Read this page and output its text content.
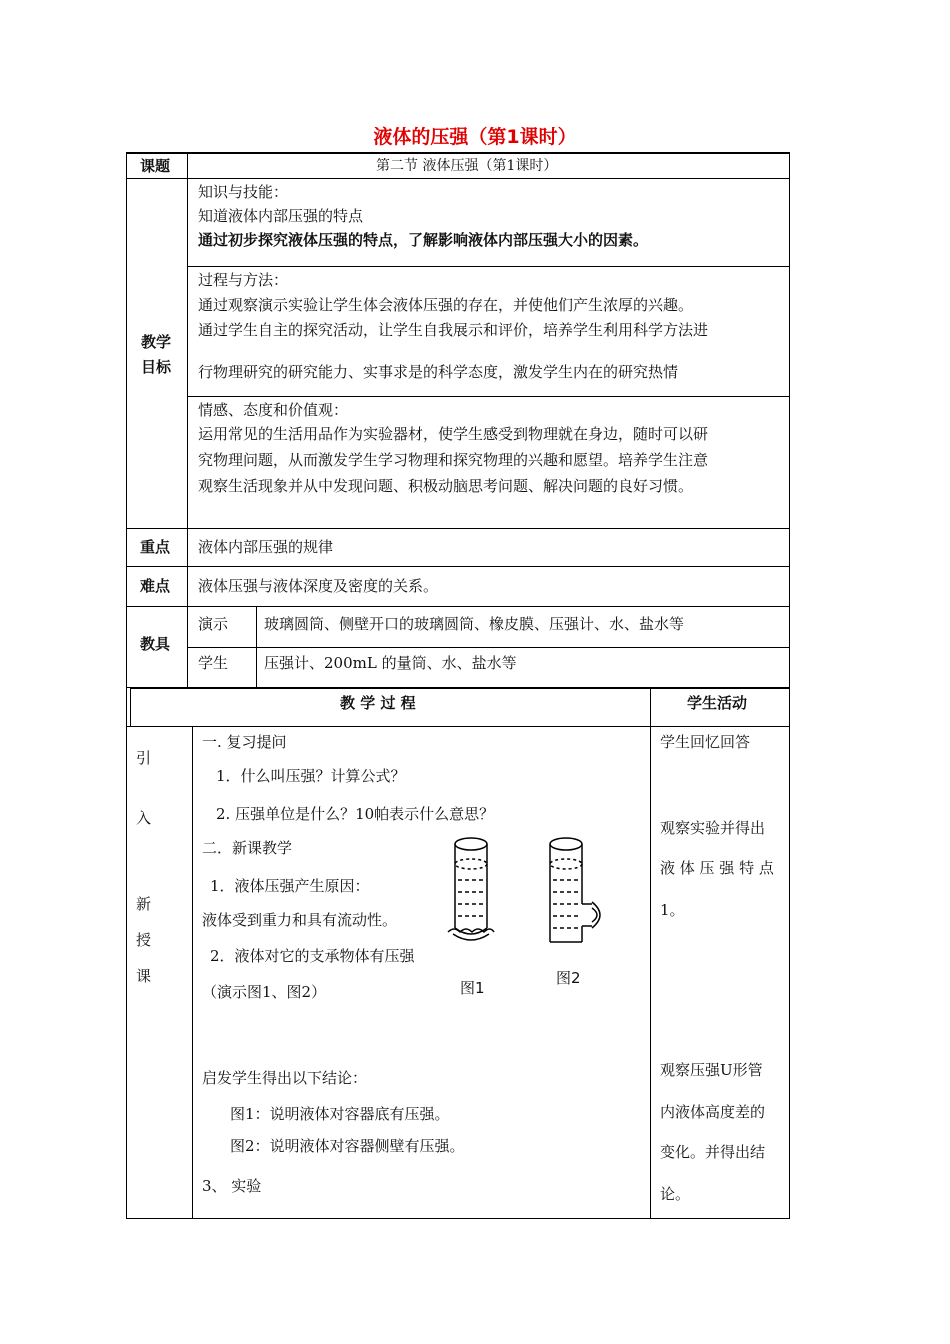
液体的压强（第1课时）
课题	第二节 液体压强（第1课时）
教学
目标
知识与技能：
知道液体内部压强的特点
通过初步探究液体压强的特点，了解影响液体内部压强大小的因素。
过程与方法：
通过观察演示实验让学生体会液体压强的存在，并使他们产生浓厚的兴趣。
通过学生自主的探究活动，让学生自我展示和评价，培养学生利用科学方法进
行物理研究的研究能力、实事求是的科学态度，激发学生内在的研究热情
情感、态度和价值观：
运用常见的生活用品作为实验器材，使学生感受到物理就在身边，随时可以研
究物理问题，从而激发学生学习物理和探究物理的兴趣和愿望。培养学生注意
观察生活现象并从中发现问题、积极动脑思考问题、解决问题的良好习惯。
重点 液体内部压强的规律
难点 液体压强与液体深度及密度的关系。
教具
演示 玻璃圆筒、侧壁开口的玻璃圆筒、橡皮膜、压强计、水、盐水等
学生 压强计、200mL 的量筒、水、盐水等
教 学 过 程	学生活动
引
入
新
授
课
一. 复习提问
1．什么叫压强？计算公式？
2. 压强单位是什么？10帕表示什么意思？
二．新课教学
1．液体压强产生原因：
液体受到重力和具有流动性。
2．液体对它的支承物体有压强
（演示图1、图2）
启发学生得出以下结论：
图1：说明液体对容器底有压强。
图2：说明液体对容器侧壁有压强。
3、 实验
图1
图2
学生回忆回答
观察实验并得出
液 体 压 强 特 点
1。
观察压强U形管
内液体高度差的
变化。并得出结
论。
